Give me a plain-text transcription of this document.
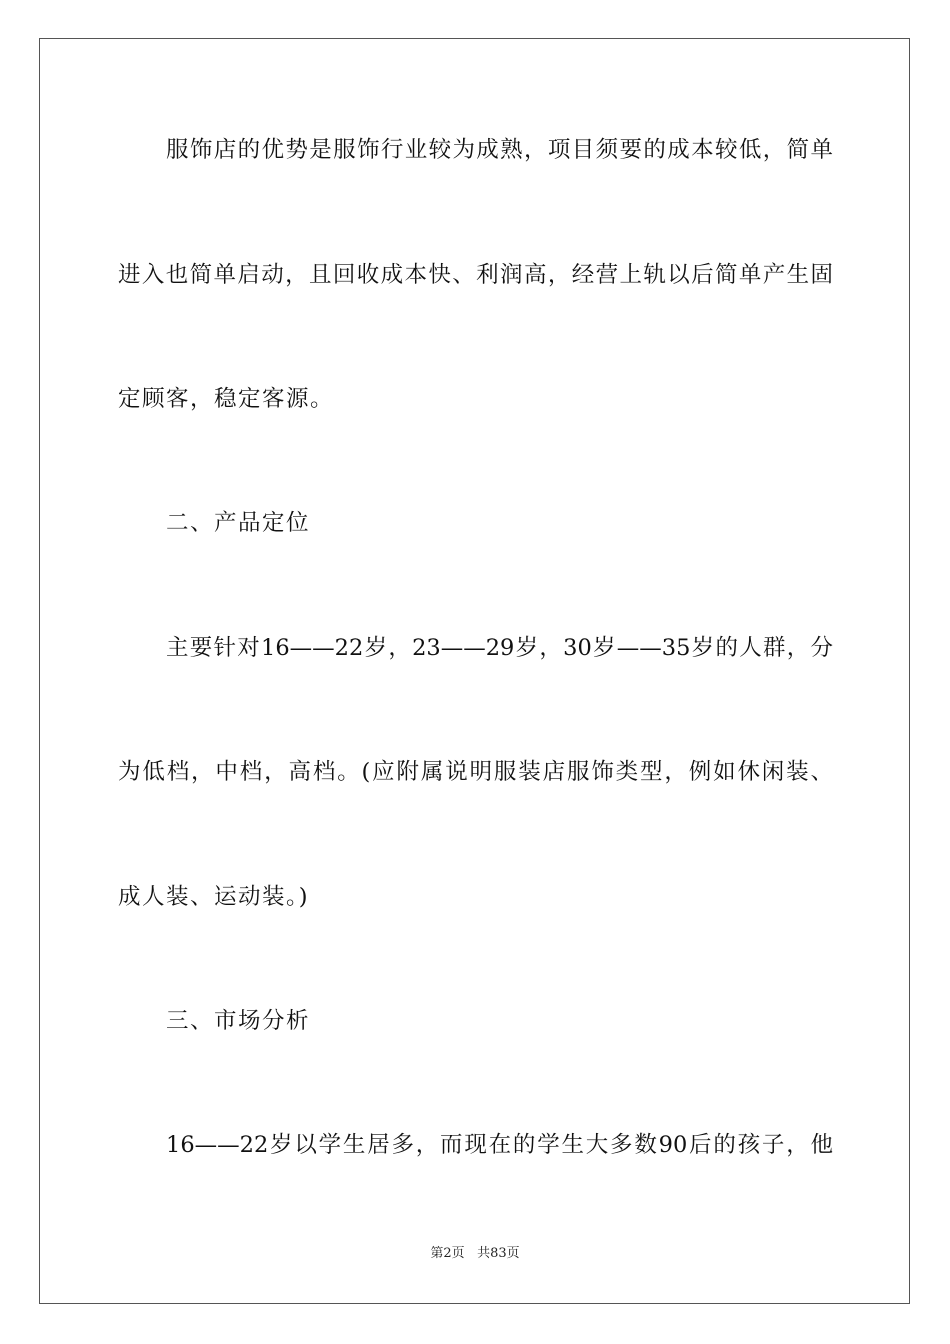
服饰店的优势是服饰行业较为成熟，项目须要的成本较低，简单
进入也简单启动，且回收成本快、利润高，经营上轨以后简单产生固
定顾客，稳定客源。
二、产品定位
主要针对16——22岁，23——29岁，30岁——35岁的人群，分
为低档，中档，高档。(应附属说明服装店服饰类型，例如休闲装、
成人装、运动装。)
三、市场分析
16——22岁以学生居多，而现在的学生大多数90后的孩子，他
第2页 共83页
